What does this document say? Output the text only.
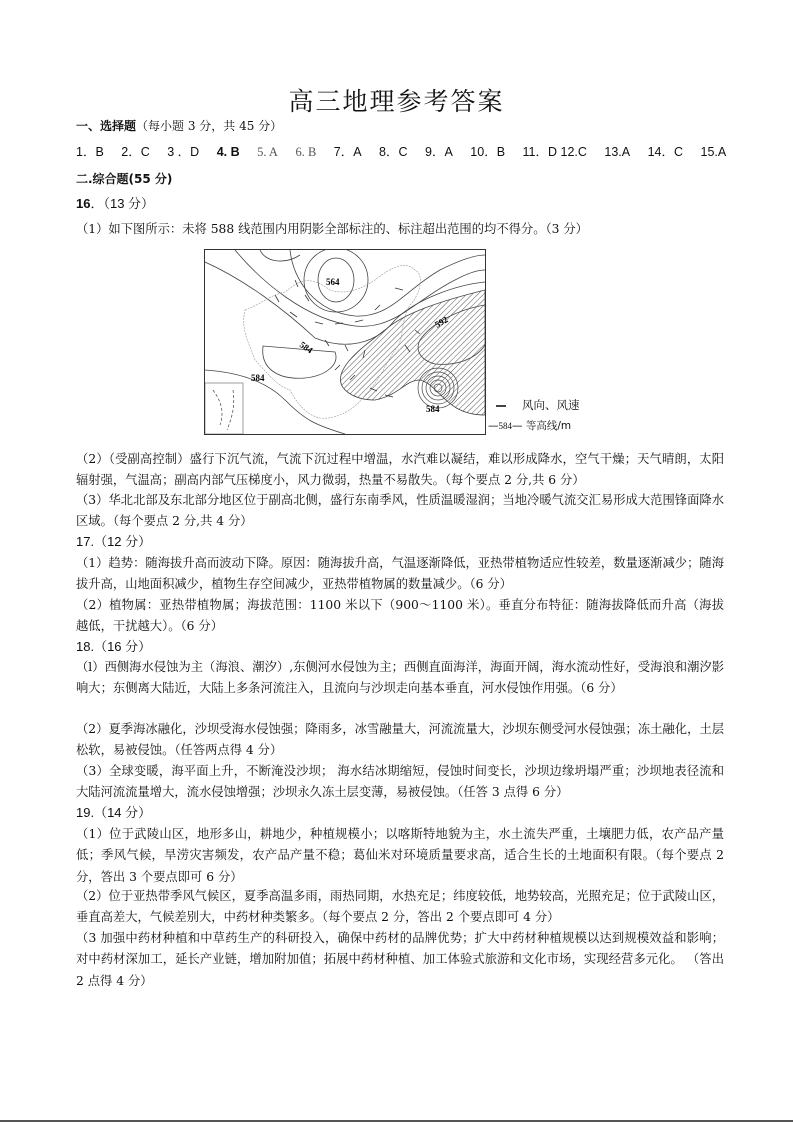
高三地理参考答案
一、选择题（每小题 3 分，共 45 分）
1．B 2．C 3 ．D 4. B 5. A 6. B 7．A 8．C 9．A 10．B 11．D 12.C 13.A 14．C 15.A
二.综合题(55 分)
16．（13 分）
（1）如下图所示：未将 588 线范围内用阴影全部标注的、标注超出范围的均不得分。（3 分）
564
584
584
592
584	风向、风速
—584— 等高线/m
（2）（受副高控制）盛行下沉气流，气流下沉过程中增温，水汽难以凝结，难以形成降水，空气干燥；天气晴朗，太阳辐射强，气温高；副高内部气压梯度小，风力微弱，热量不易散失。（每个要点 2 分,共 6 分）
（3）华北北部及东北部分地区位于副高北侧，盛行东南季风，性质温暖湿润；当地冷暖气流交汇易形成大范围锋面降水区域。（每个要点 2 分,共 4 分）
17.（12 分）
（1）趋势：随海拔升高而波动下降。原因：随海拔升高，气温逐渐降低，亚热带植物适应性较差，数量逐渐减少；随海拔升高，山地面积减少，植物生存空间减少，亚热带植物属的数量减少。（6 分）
（2）植物属：亚热带植物属；海拔范围：1100 米以下（900～1100 米）。垂直分布特征：随海拔降低而升高（海拔越低，干扰越大）。（6 分）
18.（16 分）
（l）西侧海水侵蚀为主（海浪、潮汐）,东侧河水侵蚀为主；西侧直面海洋，海面开阔，海水流动性好，受海浪和潮汐影响大；东侧离大陆近，大陆上多条河流注入，且流向与沙坝走向基本垂直，河水侵蚀作用强。（6 分）
（2）夏季海冰融化，沙坝受海水侵蚀强；降雨多，冰雪融量大，河流流量大，沙坝东侧受河水侵蚀强；冻土融化，土层松软，易被侵蚀。（任答两点得 4 分）
（3）全球变暖，海平面上升，不断淹没沙坝； 海水结冰期缩短，侵蚀时间变长，沙坝边缘坍塌严重；沙坝地表径流和大陆河流流量增大，流水侵蚀增强；沙坝永久冻土层变薄，易被侵蚀。（任答 3 点得 6 分）
19.（14 分）
（1）位于武陵山区，地形多山，耕地少，种植规模小；以喀斯特地貌为主，水土流失严重，土壤肥力低，农产品产量低；季风气候，旱涝灾害频发，农产品产量不稳；葛仙米对环境质量要求高，适合生长的土地面积有限。（每个要点 2 分，答出 3 个要点即可 6 分）
（2）位于亚热带季风气候区，夏季高温多雨，雨热同期，水热充足；纬度较低，地势较高，光照充足；位于武陵山区，垂直高差大，气候差别大，中药材种类繁多。（每个要点 2 分，答出 2 个要点即可 4 分）
（3 加强中药材种植和中草药生产的科研投入，确保中药材的品牌优势；扩大中药材种植规模以达到规模效益和影响；对中药材深加工，延长产业链，增加附加值；拓展中药材种植、加工体验式旅游和文化市场，实现经营多元化。 （答出 2 点得 4 分）
